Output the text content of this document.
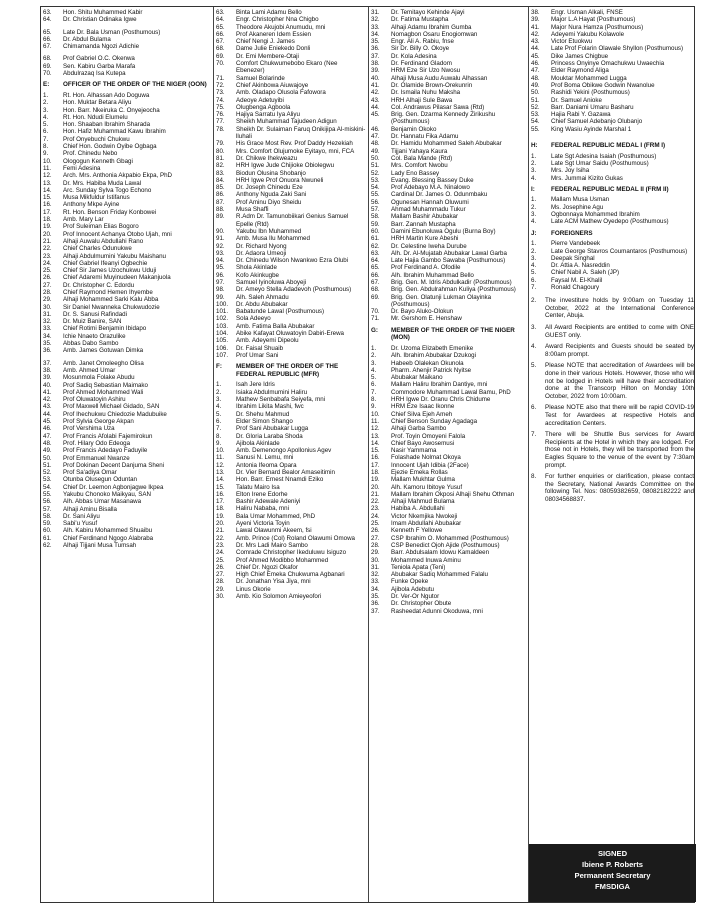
63.	Hon. Shitu Muhammed Kabir
64.	Dr. Christian Odinaka Igwe
65.	Late Dr. Bala Usman (Posthumous)
66.	Dr. Abdul Bulama
67.	Chimamanda Ngozi Adichie
68.	Prof Gabriel O.C. Okenwa
69.	Sen. Kabiru Garba Marafa
70.	Abdulrazaq Isa Kutepa
E:	OFFICER OF THE ORDER OF THE NIGER (OON)
1.	Rt. Hon. Alhassan Ado Doguwa
2.	Hon. Muktar Betara Aliyu
3.	Hon. Barr. Nkeiruka C. Onyejeocha
4.	Rt. Hon. Ndudi Elumelu
5.	Hon. Shaaban Ibrahim Sharada
6.	Hon. Hafiz Muhammad Kawu Ibrahim
7.	Prof Onyebuchi Chukwu
8.	Chief Hon. Godwin Oyibe Ogbaga
9.	Prof. Chinedu Nebo
10.	Ologogun Kenneth Gbagi
11.	Femi Adesina
12.	Arch. Mrs. Anthonia Akpabio Ekpa, PhD
13.	Dr. Mrs. Habiba Muda Lawal
14.	Arc. Sunday Sylva Togo Echono
15.	Musa Mikfuldur Istifanus
16.	Anthony Mkpe Ayine
17.	Rt. Hon. Benson Friday Konbowei
18.	Amb. Mary Lar
19.	Prof Suleiman Elias Bogoro
20.	Prof Innocent Achanya Otobo Ujah, mni
21.	Alhaji Auwalu Abdullahi Rano
22.	Chief Charles Odunukwe
23.	Alhaji Abdulmumini Yakubu Maishanu
24.	Chief Gabriel Ifeanyi Ogbechie
25.	Chief Sir James Uzochukwu Uduji
26.	Chief Adaremi Muyinudeen Makanjuola
27.	Dr. Christopher C. Edordu
28.	Chief Raymond Hemen Ihyembe
29.	Alhaji Mohammed Sarki Kalu Abba
30.	Sir Daniel Nwanneka Chukwudozie
31.	Dr. S. Sanusi Rafindadi
32.	Dr. Muiz Banire, SAN
33.	Chief Rotimi Benjamin Ibidapo
34.	Ichie Nnaeto Orazulike
35.	Abbas Dabo Sambo
36.	Amb. James Gotuwan Dimka
37.	Amb. Janet Omoleegho Olisa
38.	Amb. Ahmed Umar
39.	Mosunmola Folake Abudu
40.	Prof Sadiq Sebastian Maimako
41.	Prof Ahmed Mohammed Wali
42.	Prof Oluwatoyin Ashiru
43.	Prof Maxwell Michael Gidado, SAN
44.	Prof Ihechukwu Chiedozie Madubuike
45.	Prof Sylvia George Akpan
46.	Prof Vershima Uza
47.	Prof Francis Afolabi Fajemirokun
48.	Prof. Hilary Odo Edeoga
49.	Prof Francis Adedayo Faduyile
50.	Prof Emmanuel Nwanze
51.	Prof Dokinan Decent Danjuma Sheni
52.	Prof Sa'adiya Omar
53.	Otunba Olusegun Oduntan
54.	Chief Dr. Leemon Agbonjagwe Ikpea
55.	Yakubu Chonoko Maikyau, SAN
56.	Alh. Abbas Umar Masanawa
57.	Alhaji Aminu Bisalla
58.	Dr. Sani Aliyu
59.	Sabi'u Yusuf
60.	Alh. Kabiru Mohammed Shuaibu
61.	Chief Ferdinand Ngogo Alabraba
62.	Alhaji Tijjani Musa Tumsah
63.	Binta Lami Adamu Bello
64.	Engr. Christopher Nna Chigbo
65.	Theodore Akujobi Anumudu, mni
66.	Prof Akaneren Idem Essien
67.	Chief Nengi J. James
68.	Dame Julie Eniekedo Donli
69.	Dr. Emi Membere-Otaji
70.	Comfort Chukwumebobo Ekaro (Nee Ebenezer)
71.	Samuel Bolarinde
72.	Chief Akinbowa Aiuwajoye
73.	Amb. Oladapo Olusola Fafowora
74.	Adeoye Adetuyibi
75.	Olugbenga Agboola
76.	Hajiya Sarratu Iya Aliyu
77.	Sheikh Muhammad Tajudeen Adigun
78.	Sheikh Dr. Sulaiman Faruq Onikijipa Al-miskini-lluhali
79.	His Grace Most Rev. Prof Daddy Hezekiah
80.	Mrs. Comfort Olujumoke Eyitayo, mni, FCA
81.	Dr. Chikwe Ihekweazu
82.	HRH Igwe Jude Chijioke Obiolegwu
83.	Biodun Olusina Shobanjo
84.	HRH Igwe Prof Onuora Nwuneli
85.	Dr. Joseph Chinedu Eze
86.	Anthony Nguda Zaki Sani
87.	Prof Aminu Diyo Sheidu
88.	Musa Shaffi
89.	R.Adm Dr. Tamunobiikari Genius Samuel Epelle (Rtd)
90.	Yakubu Ibn Muhammed
91.	Amb. Musa Ilu Mohammed
92.	Dr. Richard Nyong
93.	Dr. Adaora Umeoji
94.	Dr. Chinedu Wilson Nwankwo Ezra Olubi
95.	Shola Akinlade
96.	Kofo Akinkugbe
97.	Samuel Iyinoluwa Aboyeji
98.	Dr. Ameyo Stella Adadevoh (Posthumous)
99.	Alh. Saleh Ahmadu
100.	Dr. Abdu Abubakar
101.	Babatunde Lawal (Posthumous)
102.	Sola Adeeyo
103.	Amb. Fatima Balla Abubakar
104.	Abike Kafayat Oluwatoyin Dabiri-Erewa
105.	Amb. Adeyemi Dipeolu
106.	Dr. Faisal Shuaib
107.	Prof Umar Sani
F:	MEMBER OF THE ORDER OF THE FEDERAL REPUBLIC (MFR)
1.	Isah Jere Idris
2.	Isiaka Abdulmumini Haliru
3.	Mathew Senbabafa Seiyefa, mni
4.	Ibrahim Likita Mashi, fwc
5.	Dr. Shehu Mahmud
6.	Elder Simon Shango
7.	Prof Sani Abubakar Lugga
8.	Dr. Gloria Laraba Shoda
9.	Ajibola Akinlade
10.	Amb. Demenongo Apollonius Agev
11.	Sanusi N. Lemu, mni
12.	Antonia Ifeoma Opara
13.	Dr. Vier Bernard Bealor Amaseitimin
14.	Hon. Barr. Ernest Nnamdi Eziko
15.	Talatu Mairo Isa
16.	Elton Irene Edorhe
17.	Bashir Adewale Adeniyi
18.	Haliru Nababa, mni
19.	Bala Umar Mohammed, PhD
20.	Ayeni Victoria Toyin
21.	Lawal Olawunmi Akeem, fsi
22.	Amb. Prince (Col) Roland Olawumi Omowa
23.	Dr. Mrs Ladi Mairo Sambo
24.	Comrade Christopher Ikeduluwu Isiguzo
25.	Prof Ahmed Modibbo Mohammed
26.	Chief Dr. Ngozi Okafor
27.	High Chief Emeka Chukwuma Agbanari
28.	Dr. Jonathan Yisa Jiya, mni
29.	Linus Okorie
30.	Amb. Kio Solomon Amieyeofori
31.	Dr. Temitayo Kehinde Ajayi
32.	Dr. Fatima Mustapha
33.	Alhaji Adamu Ibrahim Gumba
34.	Nomagbon Osaru Enogiomwan
35.	Engr. Ali A. Rabiu, fnse
36.	Sir Dr. Billy O. Okoye
37.	Dr. Kola Adesina
38.	Dr. Ferdinand Gladom
39.	HRM Eze Sir Uzo Nwosu
40.	Alhaji Musa Audu Auwalu Alhassan
41.	Dr. Olamide Brown-Orekunrin
42.	Dr. Ismaila Nuhu Maksha
43.	HRH Alhaji Sule Bawa
44.	Col. Andrawus Pilasar Sawa (Rtd)
45.	Brig. Gen. Dzarma Kennedy Zirikushu (Posthumous)
46.	Benjamin Okoko
47.	Dr. Hannatu Fika Adamu
48.	Dr. Hamidu Mohammed Saleh Abubakar
49.	Tijjani Yahaya Kaura
50.	Col. Bala Mande (Rtd)
51.	Mrs. Comfort Nwobu
52.	Lady Eno Bassey
53.	Evang. Blessing Bassey Duke
54.	Prof Adebayo M.A. Ninalowo
55.	Cardinal Dr. James O. Odunmbaku
56.	Ogunesan Hannah Oluwumi
57.	Ahmad Muhammadu Tukur
58.	Mallam Bashir Abubakar
59.	Barr. Zannah Mustapha
60.	Damini Ebunoluwa Ogulu (Burna Boy)
61.	HRH Martin Kure Abeshi
62.	Dr. Celestine Iweha Durube
63.	Alh. Dr. Al-Mujatab Abubakar Lawal Garba
64.	Late Hajia Gambo Sawaba (Posthumous)
65.	Prof Ferdinand A. Ofodile
66.	Alh. Ibrahim Muhammad Bello
67.	Brig. Gen. M. Idris Abdulkadir (Posthumous)
68.	Brig. Gen. Abdulrahman Kuliya (Posthumous)
69.	Brig. Gen. Olatunji Lukman Olayinka (Posthumous)
70.	Dr. Bayo Aluko-Olokun
71.	Mr. Gershom E. Henshaw
G:	MEMBER OF THE ORDER OF THE NIGER (MON)
1.	Dr. Uzoma Elizabeth Emenike
2.	Alh. Ibrahim Abubakar Dzukogi
3.	Habeeb Olalekan Okunola
4.	Pharm. Ahenjir Patrick Nyitse
5.	Abubakar Maikano
6.	Mallam Haliru Ibrahim Dantiye, mni
7.	Commodore Muhammad Lawal Bamu, PhD
8.	HRH Igwe Dr. Oranu Chris Chidume
9.	HRM Eze Isaac Ikonne
10.	Chief Silva Ejeh Ameh
11.	Chief Benson Sunday Agadaga
12.	Alhaji Garba Sambo
13.	Prof. Toyin Omoyeni Falola
14.	Chief Bayo Awosemusi
15.	Nasir Yammama
16.	Folashade Nolmat Okoya
17.	Innocent Ujah Idibia (2Face)
18.	Ejezie Emeka Rollas
19.	Mallam Mukhtar Gulma
20.	Alh. Kamoru Ibitoye Yusuf
21.	Mallam Ibrahim Okposi Alhaji Shehu Othman
22.	Alhaji Mahmud Bulama
23.	Habiba A. Abdullahi
24.	Victor Nkemjika Nwokeji
25.	Imam Abdullahi Abubakar
26.	Kenneth F Yellowe
27.	CSP Ibrahim O. Mohammed (Posthumous)
28.	CSP Benedict Ojoh Ajide (Posthumous)
29.	Barr. Abdulsalam Idowu Kamaldeen
30.	Mohammed Inuwa Aminu
31.	Teniola Apata (Teni)
32.	Abubakar Sadiq Mohammed Falalu
33.	Funke Opeke
34.	Ajibola Adebutu
35.	Dr. Ver-Or Ngutor
36.	Dr. Christopher Obute
37.	Rasheedat Adunni Okoduwa, mni
38.	Engr. Usman Alkali, FNSE
39.	Major L.A Hayat (Posthumous)
41.	Major Nura Hamza (Posthumous)
42.	Adeyemi Yakubu Kolawole
43.	Victor Etuokwu
44.	Late Prof Folarin Olawale Shyllon (Posthumous)
45.	Dike James Chigbue
46.	Princess Onyinye Omachukwu Uwaechia
47.	Elder Raymond Aliga
48.	Mouktar Mohammed Lugga
49.	Prof Boma Obikwe Godwin Nwanolue
50.	Rashidi Yekini (Posthumous)
51.	Dr. Samuel Anioke
52.	Barr. Daniami Umaru Basharu
53.	Hajia Rabi Y. Gazawa
54.	Chief Samuel Adebanjo Olubanjo
55.	King Wasiu Ayinde Marshal 1
H:	FEDERAL REPUBLIC MEDAL I (FRM I)
1.	Late Sgt Adesina Isaiah (Posthumous)
2.	Late Sgt Umar Saidu (Posthumous)
3.	Mrs. Joy Isiha
4.	Mrs. Jummai Kizito Gukas
I:	FEDERAL REPUBLIC MEDAL II (FRM II)
1.	Mallam Musa Usman
2.	Ms. Josephine Agu
3.	Ogbonnaya Mohammed Ibrahim
4.	Late ACM Mathew Oyedepo (Posthumous)
J:	FOREIGNERS
1.	Pierre Vandebeek
2.	Late George Stavros Coumantaros (Posthumous)
3.	Deepak Singhal
4.	Dr. Attia A. Nasreddin
5.	Chief Nabil A. Saleh (JP)
6.	Faysal M. El-Khalil
7.	Ronald Chagoury
2.	The investiture holds by 9:00am on Tuesday 11 October, 2022 at the International Conference Center, Abuja.
3.	All Award Recipients are entitled to come with ONE GUEST only.
4.	Award Recipients and Guests should be seated by 8:00am prompt.
5.	Please NOTE that accreditation of Awardees will be done in their various Hotels. However, those who will not be lodged in Hotels will have their accreditation done at the Transcorp Hilton on Monday 10th October, 2022 from 10:00am.
6.	Please NOTE also that there will be rapid COVID-19 Test for Awardees at respective Hotels and accreditation Centers.
7.	There will be Shuttle Bus services for Award Recipients at the Hotel in which they are lodged. For those not in Hotels, they will be transported from the Eagles Square to the venue of the event by 7:30am prompt.
8.	For further enquiries or clarification, please contact the Secretary, National Awards Committee on the following Tel. Nos: 08059382659, 08082182222 and 08034568837.
SIGNED
Ibiene P. Roberts
Permanent Secretary
FMSDIGA
